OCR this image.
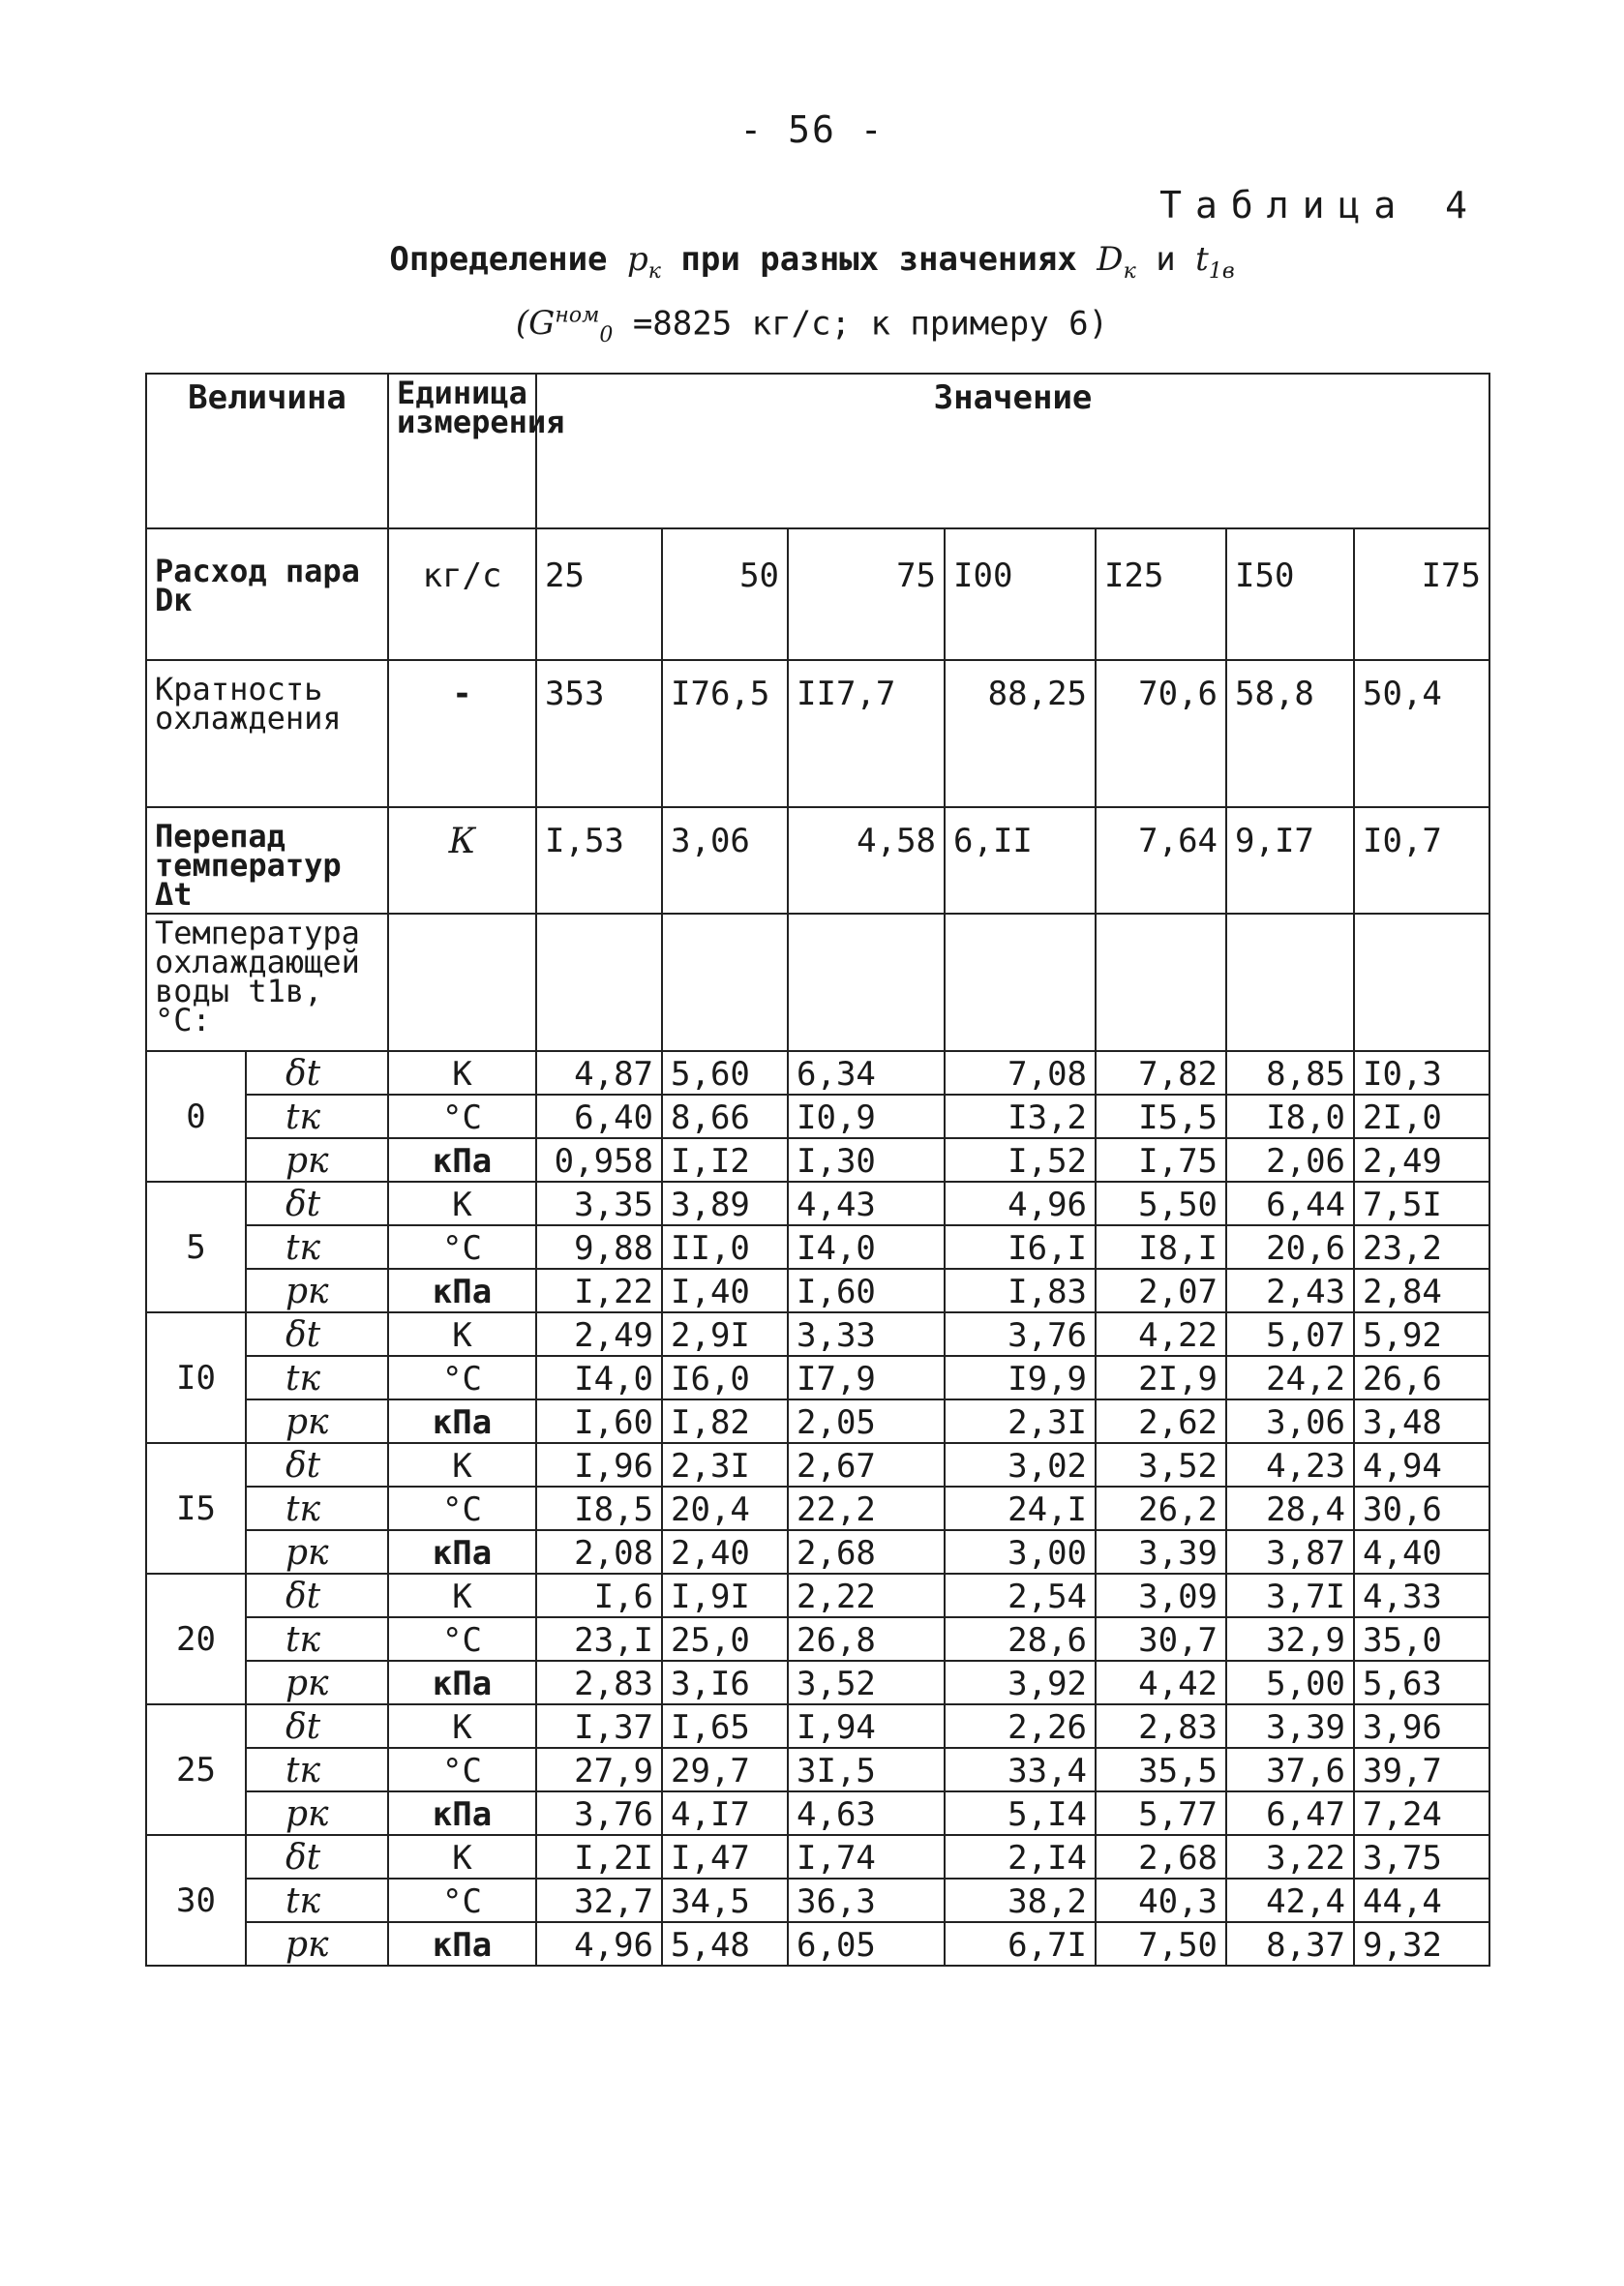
- 56 -
Таблица 4
Определение $p_к$ при разных значениях $D_к$ и $t_{1в}$
($G^{ном}_0 =8825$ кг/с; к примеру 6)
Величина		Единица измерения	Значение						
Расход пара Dк		кг/с	25	50	75	I00	I25	I50	I75
Кратность охлаждения		-	353	I76,5	II7,7	88,25	70,6	58,8	50,4
Перепад температур Δt		К	I,53	3,06	4,58	6,II	7,64	9,I7	I0,7
Температура охлаждающей воды t1в, °С:									
0	δt	К	4,87	5,60	6,34	7,08	7,82	8,85	I0,3
	tк	°С	6,40	8,66	I0,9	I3,2	I5,5	I8,0	2I,0
	pк	кПа	0,958	I,I2	I,30	I,52	I,75	2,06	2,49
5	δt	К	3,35	3,89	4,43	4,96	5,50	6,44	7,5I
	tк	°С	9,88	II,0	I4,0	I6,I	I8,I	20,6	23,2
	pк	кПа	I,22	I,40	I,60	I,83	2,07	2,43	2,84
I0	δt	К	2,49	2,9I	3,33	3,76	4,22	5,07	5,92
	tк	°С	I4,0	I6,0	I7,9	I9,9	2I,9	24,2	26,6
	pк	кПа	I,60	I,82	2,05	2,3I	2,62	3,06	3,48
I5	δt	К	I,96	2,3I	2,67	3,02	3,52	4,23	4,94
	tк	°С	I8,5	20,4	22,2	24,I	26,2	28,4	30,6
	pк	кПа	2,08	2,40	2,68	3,00	3,39	3,87	4,40
20	δt	К	I,6	I,9I	2,22	2,54	3,09	3,7I	4,33
	tк	°С	23,I	25,0	26,8	28,6	30,7	32,9	35,0
	pк	кПа	2,83	3,I6	3,52	3,92	4,42	5,00	5,63
25	δt	К	I,37	I,65	I,94	2,26	2,83	3,39	3,96
	tк	°С	27,9	29,7	3I,5	33,4	35,5	37,6	39,7
	pк	кПа	3,76	4,I7	4,63	5,I4	5,77	6,47	7,24
30	δt	К	I,2I	I,47	I,74	2,I4	2,68	3,22	3,75
	tк	°С	32,7	34,5	36,3	38,2	40,3	42,4	44,4
	pк	кПа	4,96	5,48	6,05	6,7I	7,50	8,37	9,32
